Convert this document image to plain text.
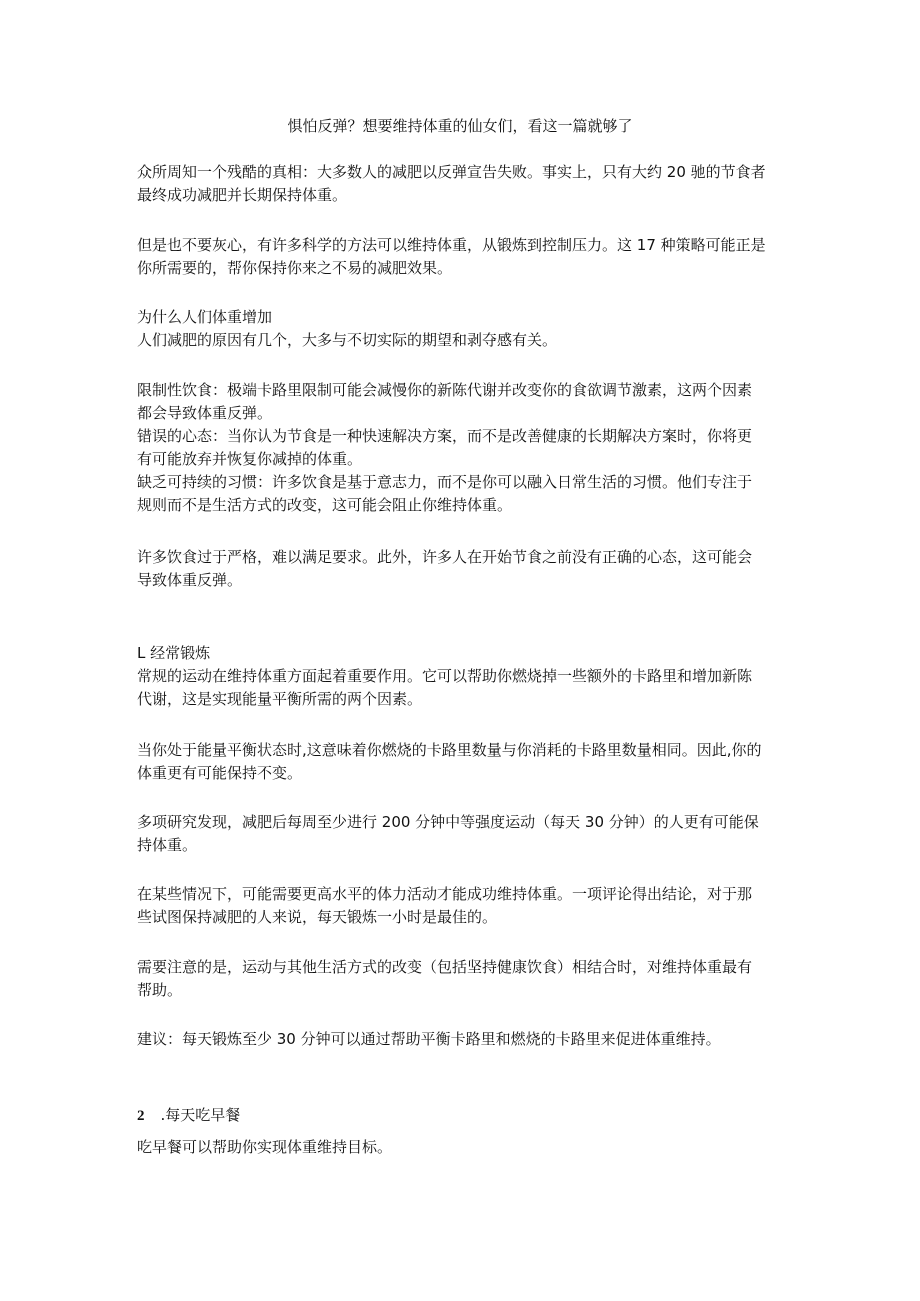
惧怕反弹？想要维持体重的仙女们，看这一篇就够了
众所周知一个残酷的真相：大多数人的减肥以反弹宣告失败。事实上，只有大约 20 驰的节食者
最终成功减肥并长期保持体重。
但是也不要灰心，有许多科学的方法可以维持体重，从锻炼到控制压力。这 17 种策略可能正是
你所需要的，帮你保持你来之不易的减肥效果。
为什么人们体重增加
人们减肥的原因有几个，大多与不切实际的期望和剥夺感有关。
限制性饮食：极端卡路里限制可能会减慢你的新陈代谢并改变你的食欲调节激素，这两个因素
都会导致体重反弹。
错误的心态：当你认为节食是一种快速解决方案，而不是改善健康的长期解决方案时，你将更
有可能放弃并恢复你减掉的体重。
缺乏可持续的习惯：许多饮食是基于意志力，而不是你可以融入日常生活的习惯。他们专注于
规则而不是生活方式的改变，这可能会阻止你维持体重。
许多饮食过于严格，难以满足要求。此外，许多人在开始节食之前没有正确的心态，这可能会
导致体重反弹。
L 经常锻炼
常规的运动在维持体重方面起着重要作用。它可以帮助你燃烧掉一些额外的卡路里和增加新陈
代谢，这是实现能量平衡所需的两个因素。
当你处于能量平衡状态时,这意味着你燃烧的卡路里数量与你消耗的卡路里数量相同。因此,你的
体重更有可能保持不变。
多项研究发现，减肥后每周至少进行 200 分钟中等强度运动（每天 30 分钟）的人更有可能保
持体重。
在某些情况下，可能需要更高水平的体力活动才能成功维持体重。一项评论得出结论，对于那
些试图保持减肥的人来说，每天锻炼一小时是最佳的。
需要注意的是，运动与其他生活方式的改变（包括坚持健康饮食）相结合时，对维持体重最有
帮助。
建议：每天锻炼至少 30 分钟可以通过帮助平衡卡路里和燃烧的卡路里来促进体重维持。
2 .每天吃早餐
吃早餐可以帮助你实现体重维持目标。
